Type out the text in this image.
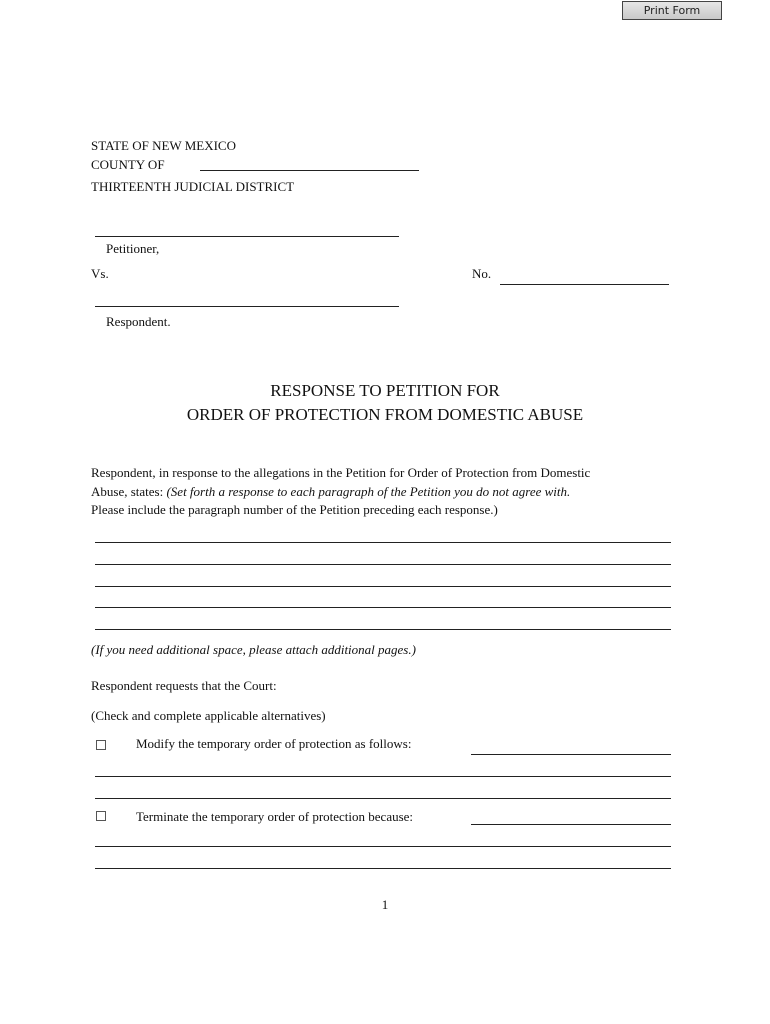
Print Form
STATE OF NEW MEXICO
COUNTY OF
THIRTEENTH JUDICIAL DISTRICT
Petitioner,
Vs.	No.
Respondent.
RESPONSE TO PETITION FOR
ORDER OF PROTECTION FROM DOMESTIC ABUSE
Respondent, in response to the allegations in the Petition for Order of Protection from Domestic
Abuse, states: (Set forth a response to each paragraph of the Petition you do not agree with.
Please include the paragraph number of the Petition preceding each response.)
(If you need additional space, please attach additional pages.)
Respondent requests that the Court:
(Check and complete applicable alternatives)
Modify the temporary order of protection as follows:
Terminate the temporary order of protection because:
1
